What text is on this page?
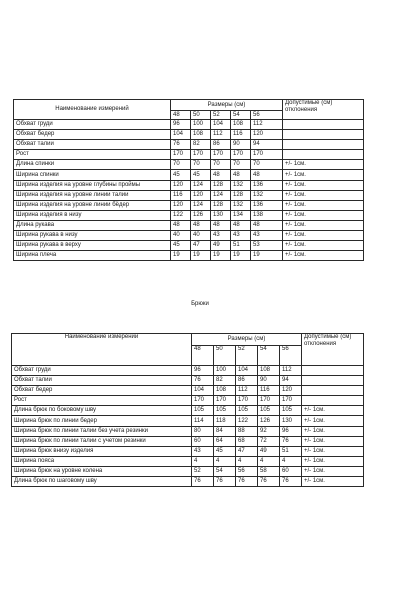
Наименование измерений	Размеры (см)					Допустимые (см) отклонения
	48	50	52	54	56	
Обхват груди	96	100	104	108	112	
Обхват бедер	104	108	112	116	120	
Обхват талии	76	82	86	90	94	
Рост	170	170	170	170	170	
Длина спинки	70	70	70	70	70	+/- 1см.
Ширина спинки	45	45	48	48	48	+/- 1см.
Ширина изделия на уровне глубины проймы	120	124	128	132	136	+/- 1см.
Ширина изделия на уровне линии талии	116	120	124	128	132	+/- 1см.
Ширина изделия на уровне линии бёдер	120	124	128	132	136	+/- 1см.
Ширина изделия в низу	122	126	130	134	138	+/- 1см.
Длина рукава	48	48	48	48	48	+/- 1см.
Ширина рукава в низу	40	40	43	43	43	+/- 1см.
Ширина рукава в верху	45	47	49	51	53	+/- 1см.
Ширина плеча	19	19	19	19	19	+/- 1см.
Брюки
Наименование измерений	Размеры (см)					Допустимые (см) отклонения
	48	50	52	54	56	
Обхват груди	96	100	104	108	112	
Обхват талии	76	82	86	90	94	
Обхват бедер	104	108	112	116	120	
Рост	170	170	170	170	170	
Длина брюк по боковому шву	105	105	105	105	105	+/- 1см.
Ширина брюк по линии бедер	114	118	122	126	130	+/- 1см.
Ширина брюк по линии талии без учета резинки	80	84	88	92	96	+/- 1см.
Ширина брюк по линии талии с учетом резинки	60	64	68	72	76	+/- 1см.
Ширина брюк внизу изделия	43	45	47	49	51	+/- 1см.
Ширина пояса	4	4	4	4	4	+/- 1см.
Ширина брюк на уровне колена	52	54	56	58	60	+/- 1см.
Длина брюк по шаговому шву	76	76	76	76	76	+/- 1см.
